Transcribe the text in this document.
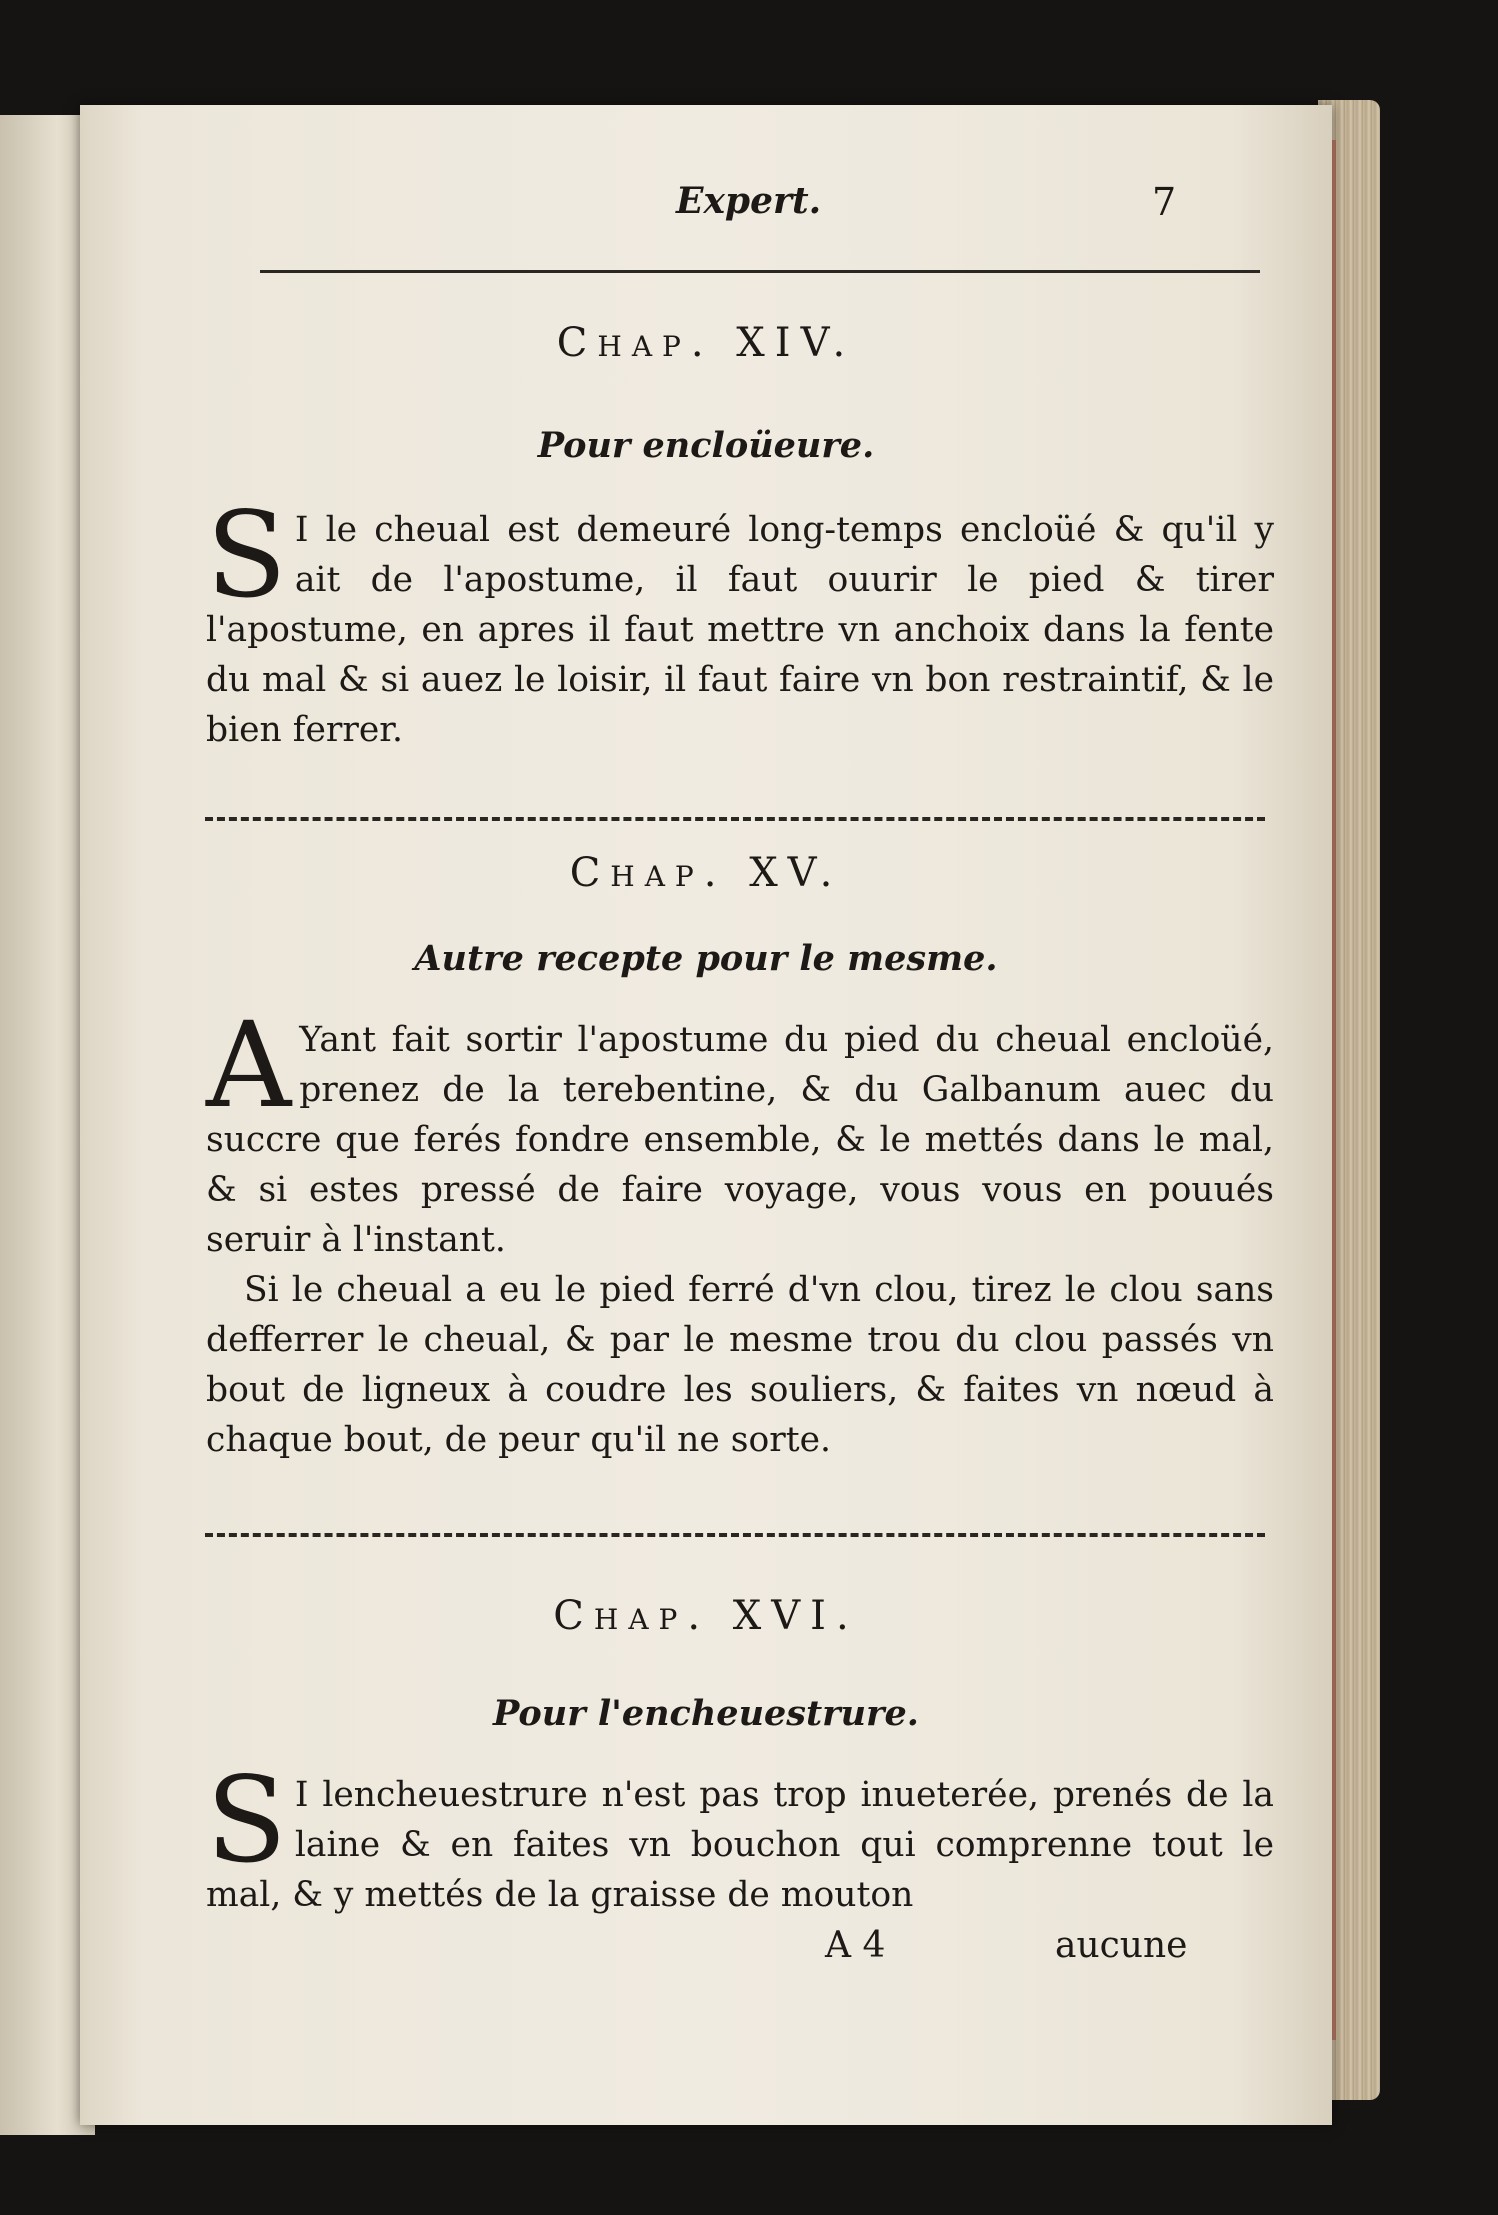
Expert.	7
Chap. XIV.
Pour encloüeure.

S I le cheual est demeuré long-temps encloüé & qu'il y ait de l'apostume, il faut ouurir le pied & tirer l'apostume, en apres il faut mettre vn anchoix dans la fente du mal & si auez le loisir, il faut faire vn bon restraintif, & le bien ferrer.

Chap. XV.
Autre recepte pour le mesme.

A Yant fait sortir l'apostume du pied du cheual encloüé, prenez de la terebentine, & du Galbanum auec du succre que ferés fondre ensemble, & le mettés dans le mal, & si estes pressé de faire voyage, vous vous en pouués seruir à l'instant.

Si le cheual a eu le pied ferré d'vn clou, tirez le clou sans defferrer le cheual, & par le mesme trou du clou passés vn bout de ligneux à coudre les souliers, & faites vn nœud à chaque bout, de peur qu'il ne sorte.

Chap. XVI.
Pour l'encheuestrure.

S I lencheuestrure n'est pas trop inueterée, prenés de la laine & en faites vn bouchon qui comprenne tout le mal, & y mettés de la graisse de mouton

A 4	aucune
